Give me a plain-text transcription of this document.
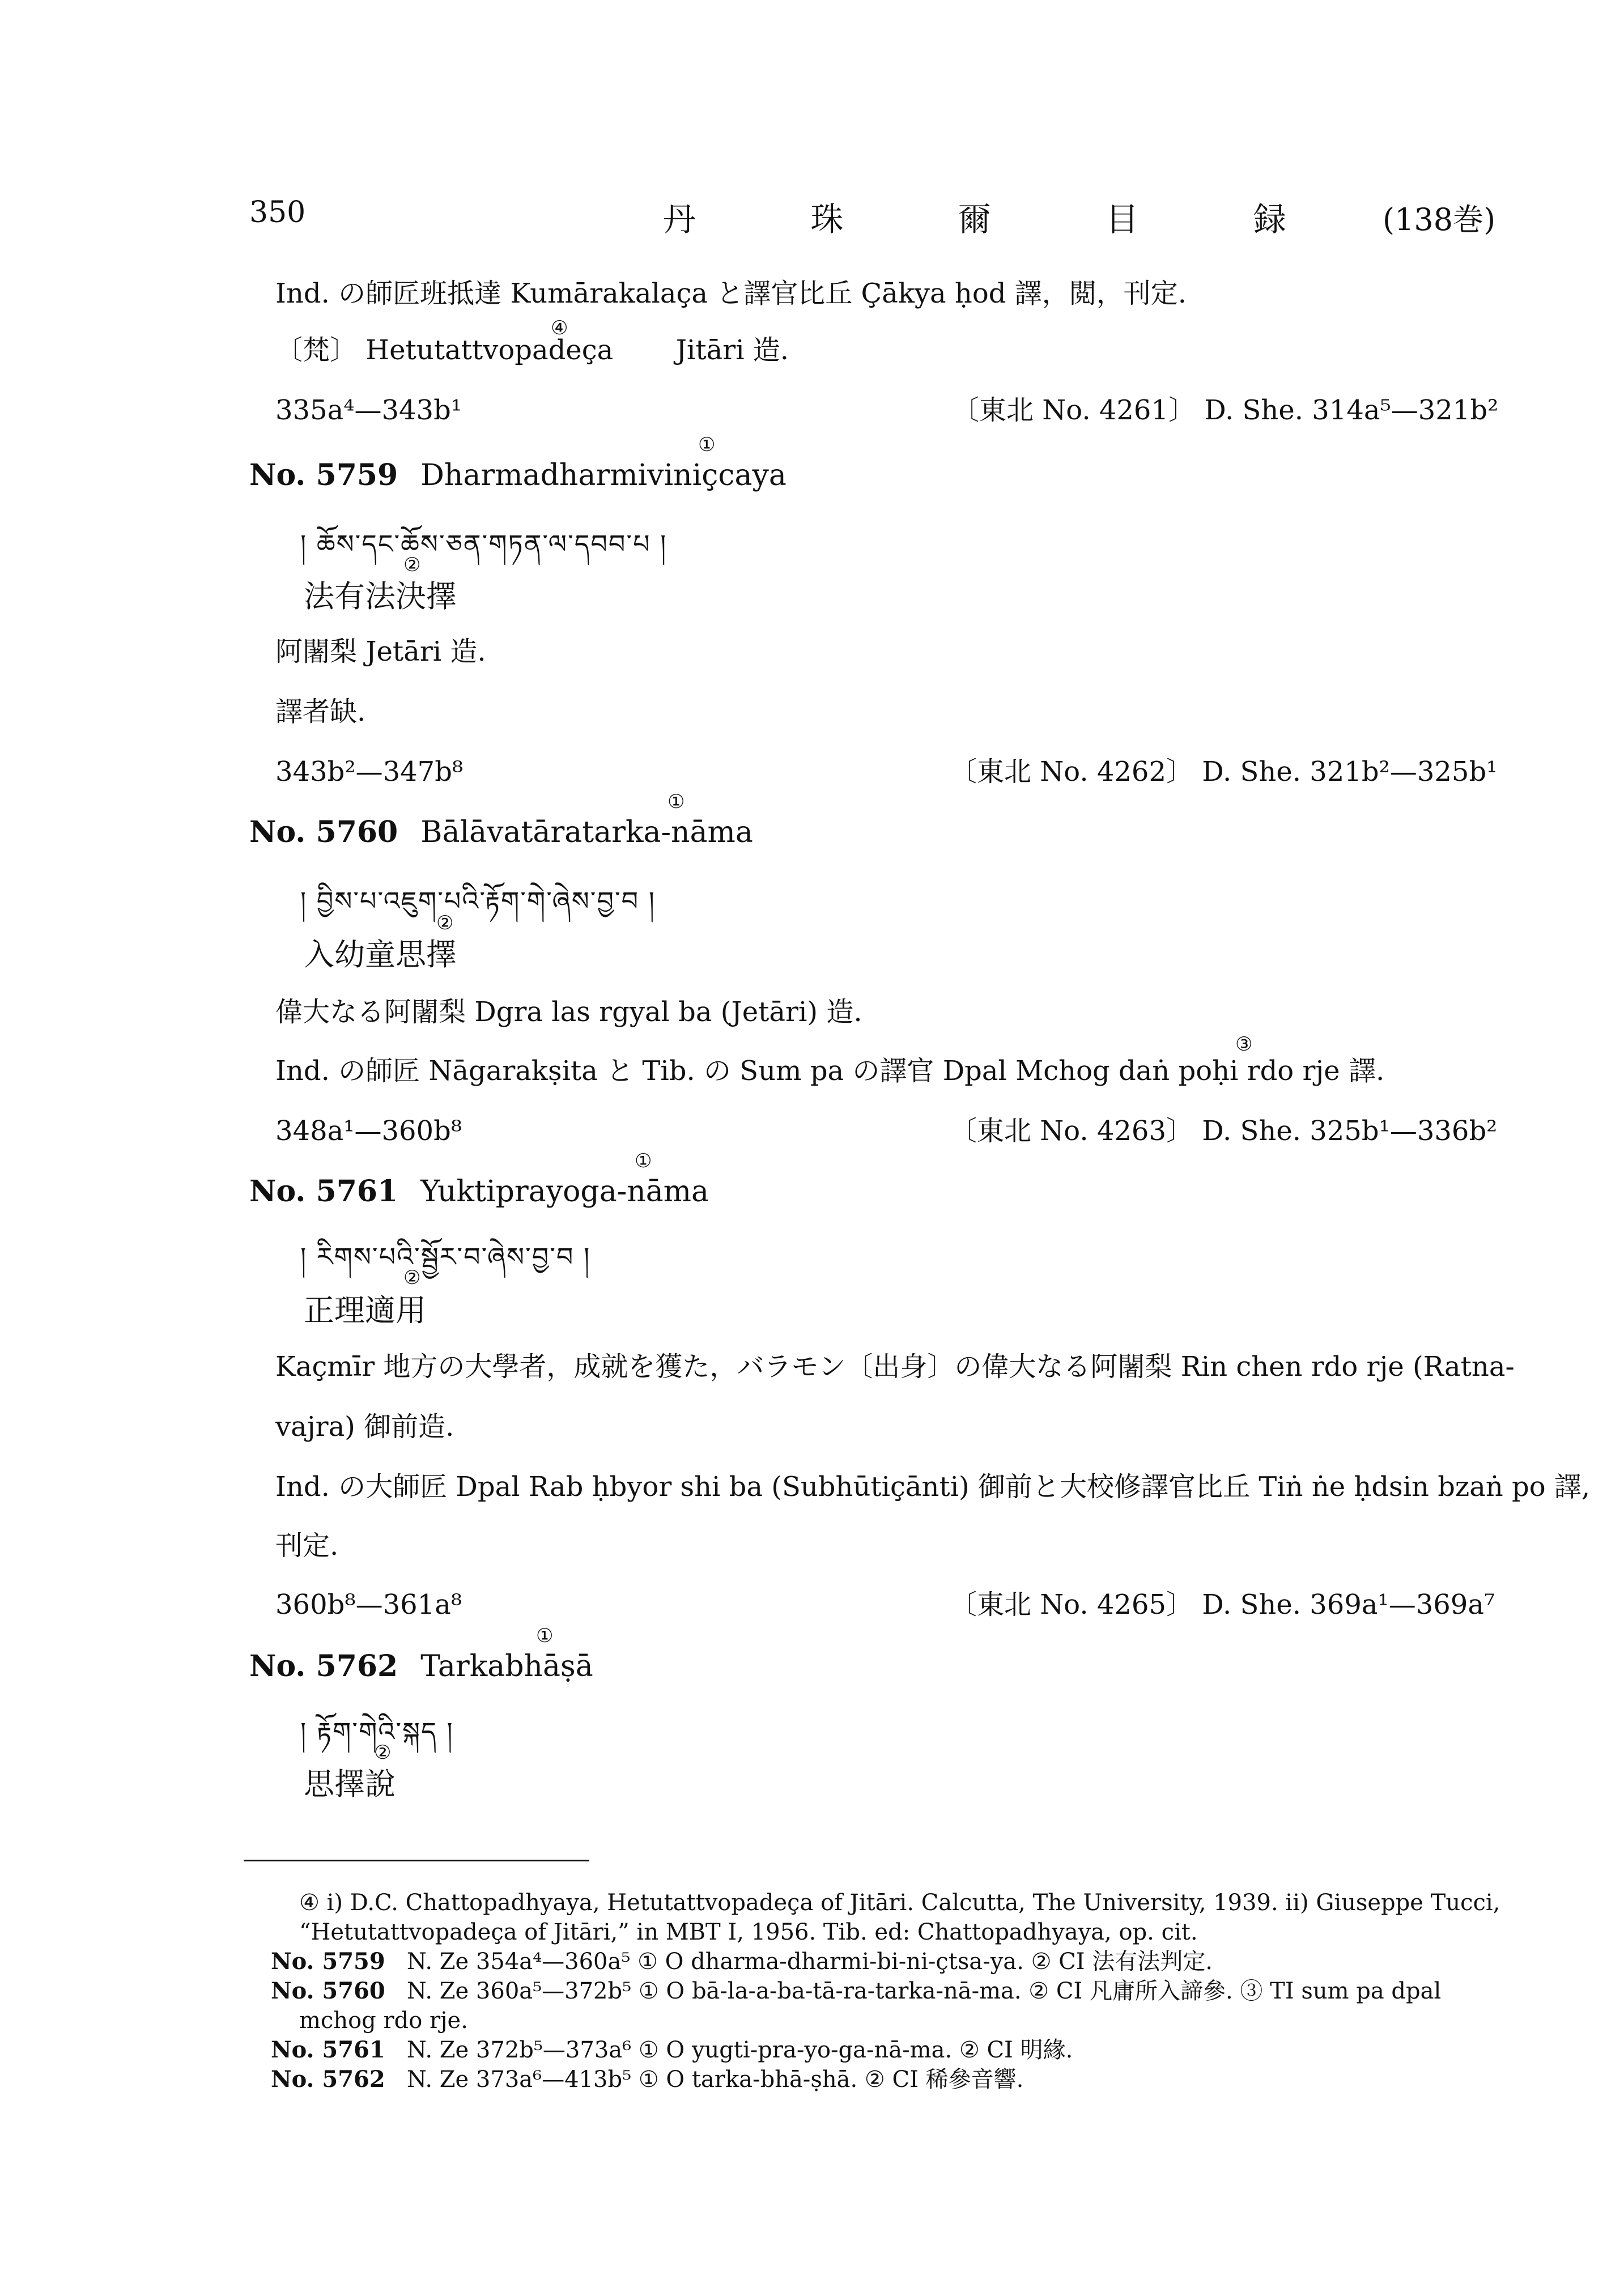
350	丹 珠 爾 目 録 (138巻)
Ind. の師匠班抵達 Kumārakalaça と譯官比丘 Çākya ḥod 譯，閲，刊定.
〔梵〕 Hetutattvopadeça Jitāri 造.
④
335a⁴—343b¹	〔東北 No. 4261〕 D. She. 314a⁵—321b²
No. 5759 Dharmadharmiviniçcaya
①
། ཆོས་དང་ཆོས་ཅན་གཏན་ལ་དབབ་པ །
②
法有法決擇
阿闍梨 Jetāri 造.
譯者缺.
343b²—347b⁸	〔東北 No. 4262〕 D. She. 321b²—325b¹
No. 5760 Bālāvatāratarka-nāma
①
། བྱིས་པ་འཇུག་པའི་རྟོག་གེ་ཞེས་བྱ་བ །
②
入幼童思擇
偉大なる阿闍梨 Dgra las rgyal ba (Jetāri) 造.
③
Ind. の師匠 Nāgarakṣita と Tib. の Sum pa の譯官 Dpal Mchog daṅ poḥi rdo rje 譯.
348a¹—360b⁸	〔東北 No. 4263〕 D. She. 325b¹—336b²
No. 5761 Yuktiprayoga-nāma
①
། རིགས་པའི་སྦྱོར་བ་ཞེས་བྱ་བ །
②
正理適用
Kaçmīr 地方の大學者，成就を獲た，バラモン〔出身〕の偉大なる阿闍梨 Rin chen rdo rje (Ratna-
vajra) 御前造.
Ind. の大師匠 Dpal Rab ḥbyor shi ba (Subhūtiçānti) 御前と大校修譯官比丘 Tiṅ ṅe ḥdsin bzaṅ po 譯,
刊定.
360b⁸—361a⁸	〔東北 No. 4265〕 D. She. 369a¹—369a⁷
No. 5762 Tarkabhāṣā
①
། རྟོག་གེའི་སྐད །
②
思擇說
④ i) D.C. Chattopadhyaya, Hetutattvopadeça of Jitāri. Calcutta, The University, 1939. ii) Giuseppe Tucci,
“Hetutattvopadeça of Jitāri,” in MBT I, 1956. Tib. ed: Chattopadhyaya, op. cit.
No. 5759 N. Ze 354a⁴—360a⁵ ① O dharma-dharmi-bi-ni-çtsa-ya. ② CI 法有法判定.
No. 5760 N. Ze 360a⁵—372b⁵ ① O bā-la-a-ba-tā-ra-tarka-nā-ma. ② CI 凡庸所入諦參. ③ TI sum pa dpal
mchog rdo rje.
No. 5761 N. Ze 372b⁵—373a⁶ ① O yugti-pra-yo-ga-nā-ma. ② CI 明緣.
No. 5762 N. Ze 373a⁶—413b⁵ ① O tarka-bhā-ṣhā. ② CI 稀參音響.
